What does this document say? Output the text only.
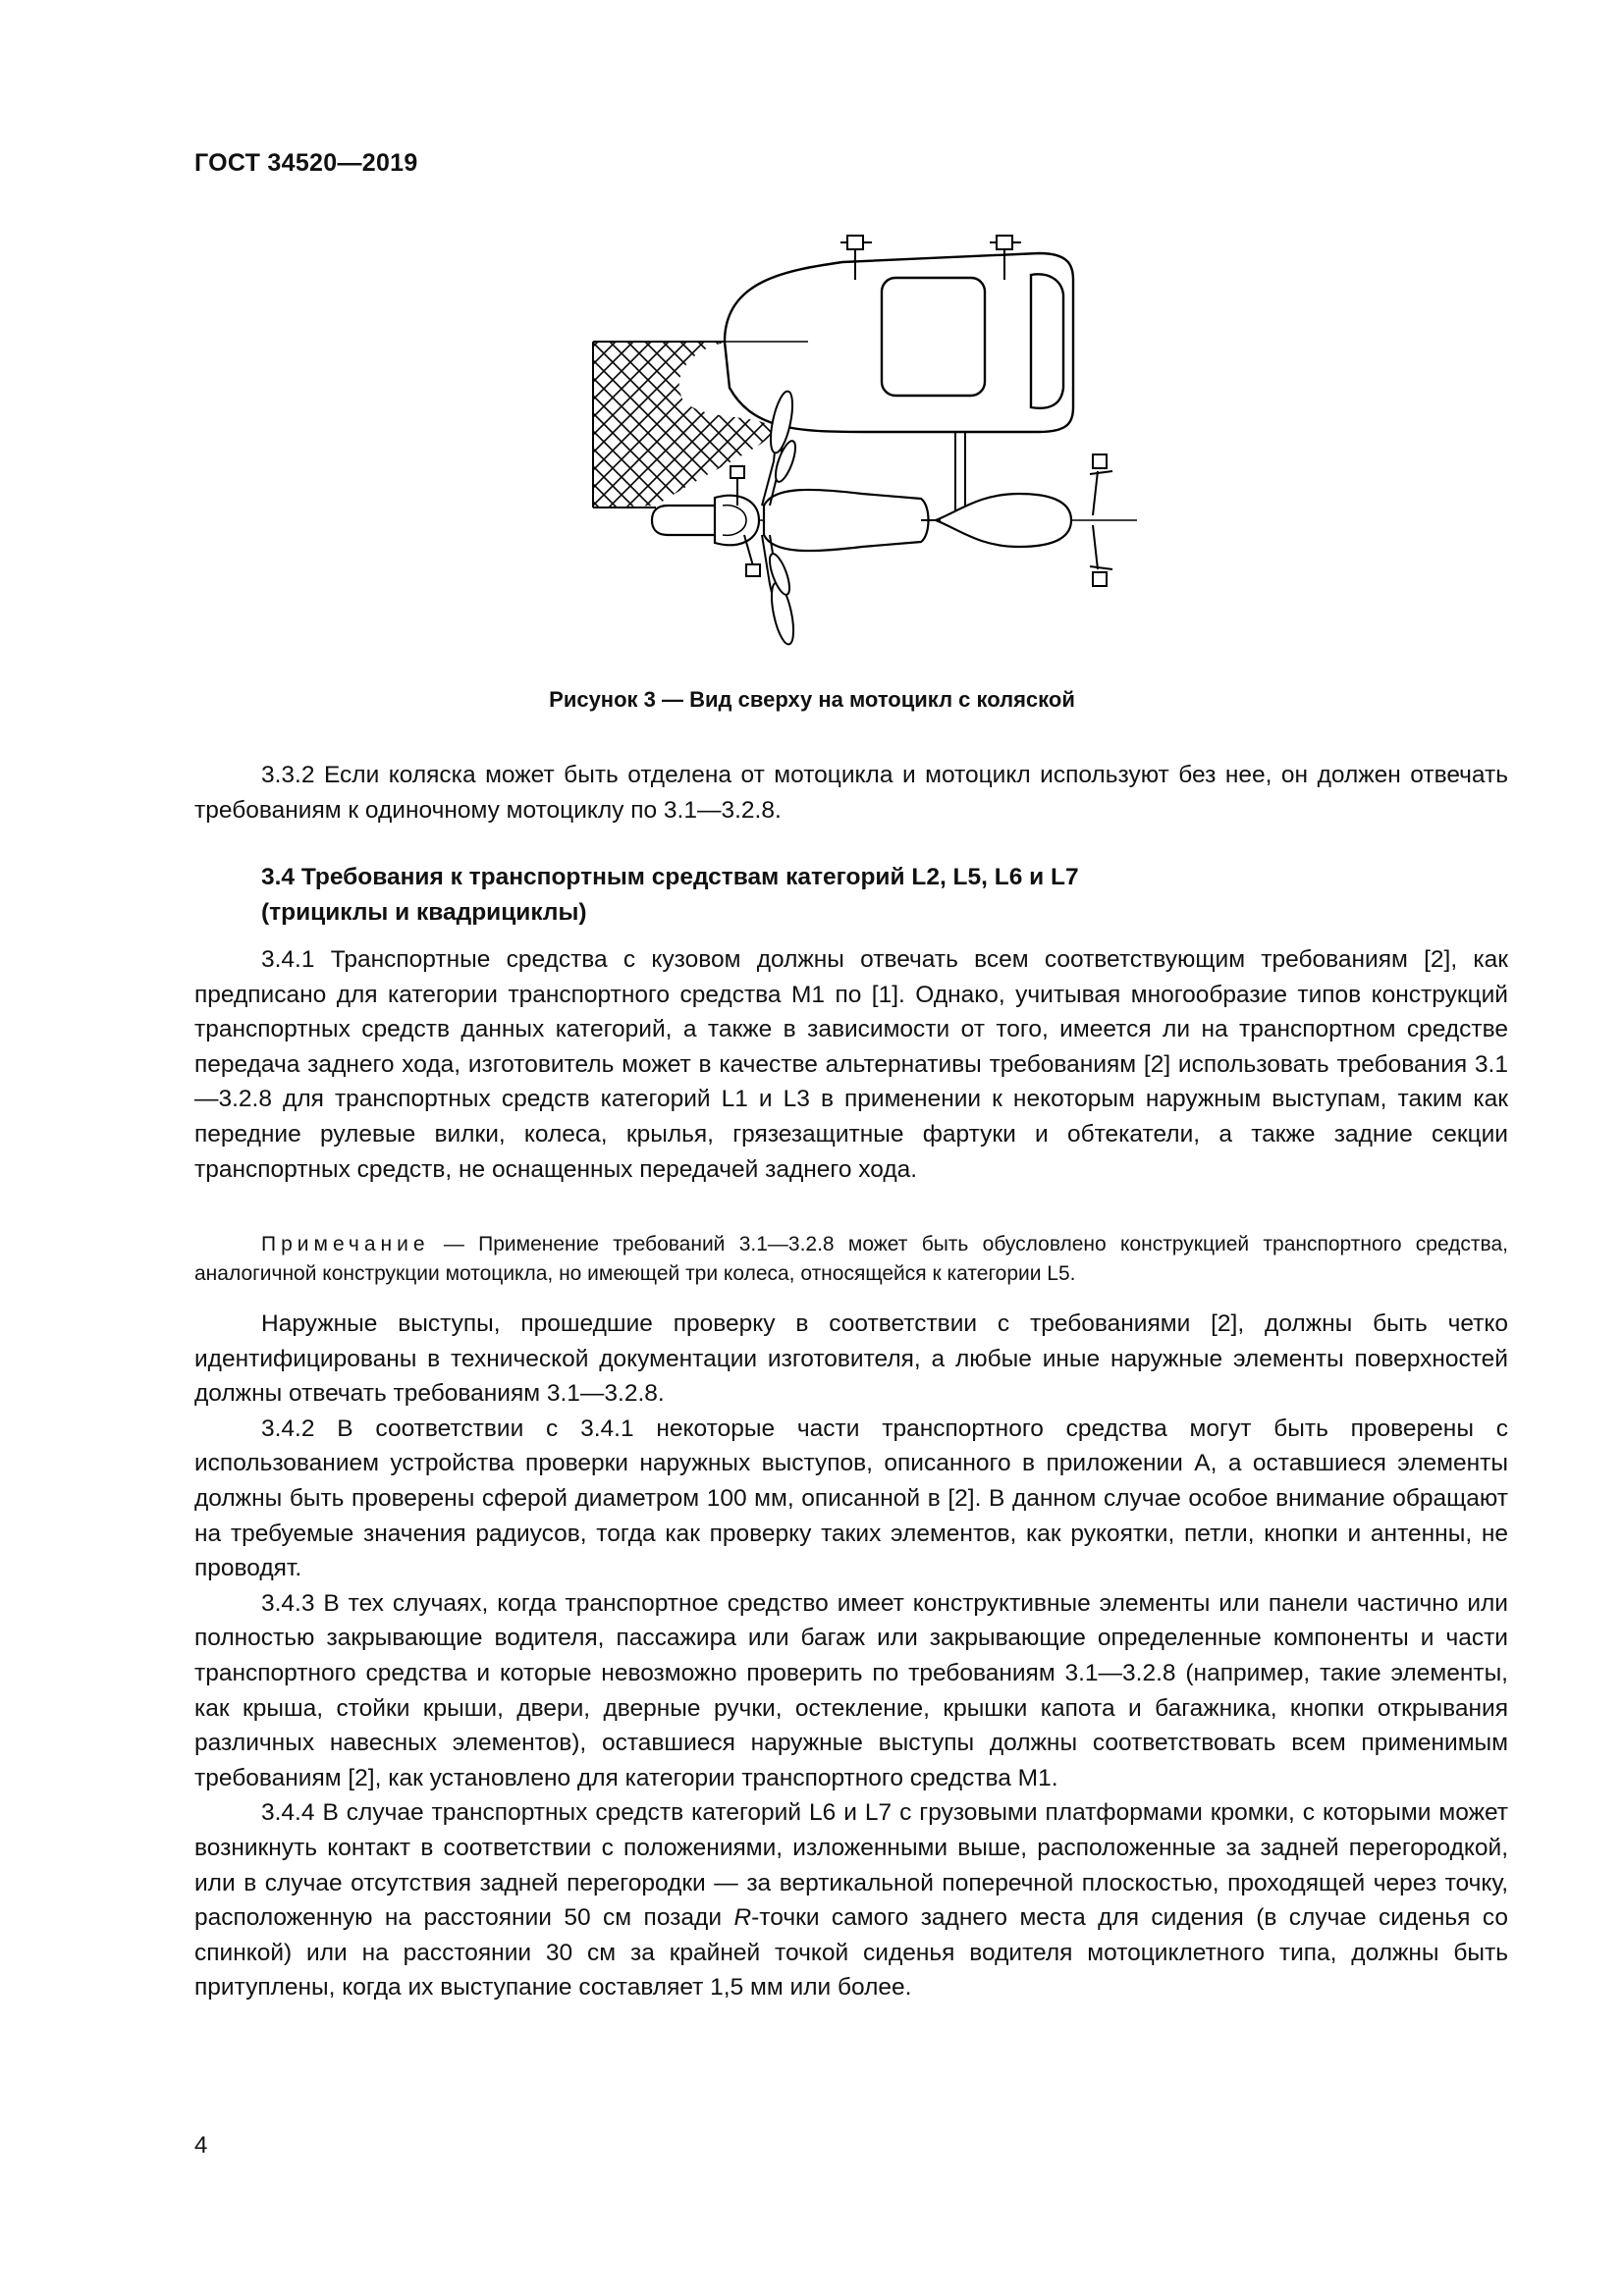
ГОСТ 34520—2019
Рисунок 3 — Вид сверху на мотоцикл с коляской

3.3.2 Если коляска может быть отделена от мотоцикла и мотоцикл используют без нее, он должен отвечать требованиям к одиночному мотоциклу по 3.1—3.2.8.

3.4 Требования к транспортным средствам категорий L2, L5, L6 и L7
(трициклы и квадрициклы)

3.4.1 Транспортные средства с кузовом должны отвечать всем соответствующим требованиям [2], как предписано для категории транспортного средства М1 по [1]. Однако, учитывая многообразие типов конструкций транспортных средств данных категорий, а также в зависимости от того, имеется ли на транспортном средстве передача заднего хода, изготовитель может в качестве альтернативы требованиям [2] использовать требования 3.1—3.2.8 для транспортных средств категорий L1 и L3 в применении к некоторым наружным выступам, таким как передние рулевые вилки, колеса, крылья, грязезащитные фартуки и обтекатели, а также задние секции транспортных средств, не оснащенных передачей заднего хода.

Примечание — Применение требований 3.1—3.2.8 может быть обусловлено конструкцией транспортного средства, аналогичной конструкции мотоцикла, но имеющей три колеса, относящейся к категории L5.

Наружные выступы, прошедшие проверку в соответствии с требованиями [2], должны быть четко идентифицированы в технической документации изготовителя, а любые иные наружные элементы поверхностей должны отвечать требованиям 3.1—3.2.8.

3.4.2 В соответствии с 3.4.1 некоторые части транспортного средства могут быть проверены с использованием устройства проверки наружных выступов, описанного в приложении А, а оставшиеся элементы должны быть проверены сферой диаметром 100 мм, описанной в [2]. В данном случае особое внимание обращают на требуемые значения радиусов, тогда как проверку таких элементов, как рукоятки, петли, кнопки и антенны, не проводят.

3.4.3 В тех случаях, когда транспортное средство имеет конструктивные элементы или панели частично или полностью закрывающие водителя, пассажира или багаж или закрывающие определенные компоненты и части транспортного средства и которые невозможно проверить по требованиям 3.1—3.2.8 (например, такие элементы, как крыша, стойки крыши, двери, дверные ручки, остекление, крышки капота и багажника, кнопки открывания различных навесных элементов), оставшиеся наружные выступы должны соответствовать всем применимым требованиям [2], как установлено для категории транспортного средства М1.

3.4.4 В случае транспортных средств категорий L6 и L7 с грузовыми платформами кромки, с которыми может возникнуть контакт в соответствии с положениями, изложенными выше, расположенные за задней перегородкой, или в случае отсутствия задней перегородки — за вертикальной поперечной плоскостью, проходящей через точку, расположенную на расстоянии 50 см позади R-точки самого заднего места для сидения (в случае сиденья со спинкой) или на расстоянии 30 см за крайней точкой сиденья водителя мотоциклетного типа, должны быть притуплены, когда их выступание составляет 1,5 мм или более.

4
